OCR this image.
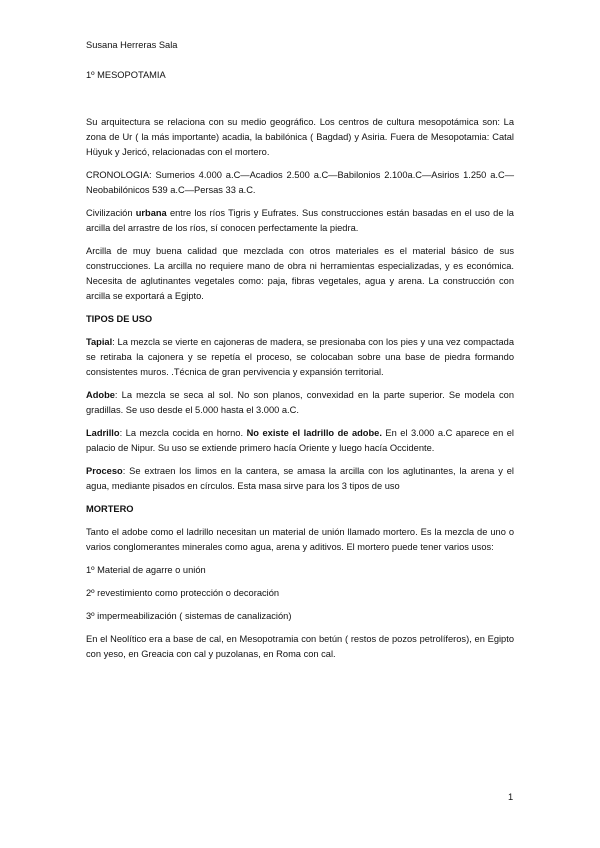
Susana Herreras Sala
1º MESOPOTAMIA

Su arquitectura se relaciona con su medio geográfico. Los centros de cultura mesopotámica son: La zona de Ur ( la más importante) acadia, la babilónica ( Bagdad) y Asiria. Fuera de Mesopotamia: Catal Hüyuk y Jericó, relacionadas con el mortero.

CRONOLOGIA: Sumerios 4.000 a.C—Acadios 2.500 a.C—Babilonios 2.100a.C—Asirios 1.250 a.C—Neobabilónicos 539 a.C—Persas 33 a.C.

Civilización urbana entre los ríos Tigris y Eufrates. Sus construcciones están basadas en el uso de la arcilla del arrastre de los ríos, sí conocen perfectamente la piedra.

Arcilla de muy buena calidad que mezclada con otros materiales es el material básico de sus construcciones. La arcilla no requiere mano de obra ni herramientas especializadas, y es económica. Necesita de aglutinantes vegetales como: paja, fibras vegetales, agua y arena. La construcción con arcilla se exportará a Egipto.

TIPOS DE USO

Tapial: La mezcla se vierte en cajoneras de madera, se presionaba con los pies y una vez compactada se retiraba la cajonera y se repetía el proceso, se colocaban sobre una base de piedra formando consistentes muros. .Técnica de gran pervivencia y expansión territorial.

Adobe: La mezcla se seca al sol. No son planos, convexidad en la parte superior. Se modela con gradillas. Se uso desde el 5.000 hasta el 3.000 a.C.

Ladrillo: La mezcla cocida en horno. No existe el ladrillo de adobe. En el 3.000 a.C aparece en el palacio de Nipur. Su uso se extiende primero hacía Oriente y luego hacía Occidente.

Proceso: Se extraen los limos en la cantera, se amasa la arcilla con los aglutinantes, la arena y el agua, mediante pisados en círculos. Esta masa sirve para los 3 tipos de uso

MORTERO

Tanto el adobe como el ladrillo necesitan un material de unión llamado mortero. Es la mezcla de uno o varios conglomerantes minerales como agua, arena y aditivos. El mortero puede tener varios usos:

1º Material de agarre o unión

2º revestimiento como protección o decoración

3º impermeabilización ( sistemas de canalización)

En el Neolítico era a base de cal, en Mesopotramia con betún ( restos de pozos petrolíferos), en Egipto con yeso, en Greacia con cal y puzolanas, en Roma con cal.

1
